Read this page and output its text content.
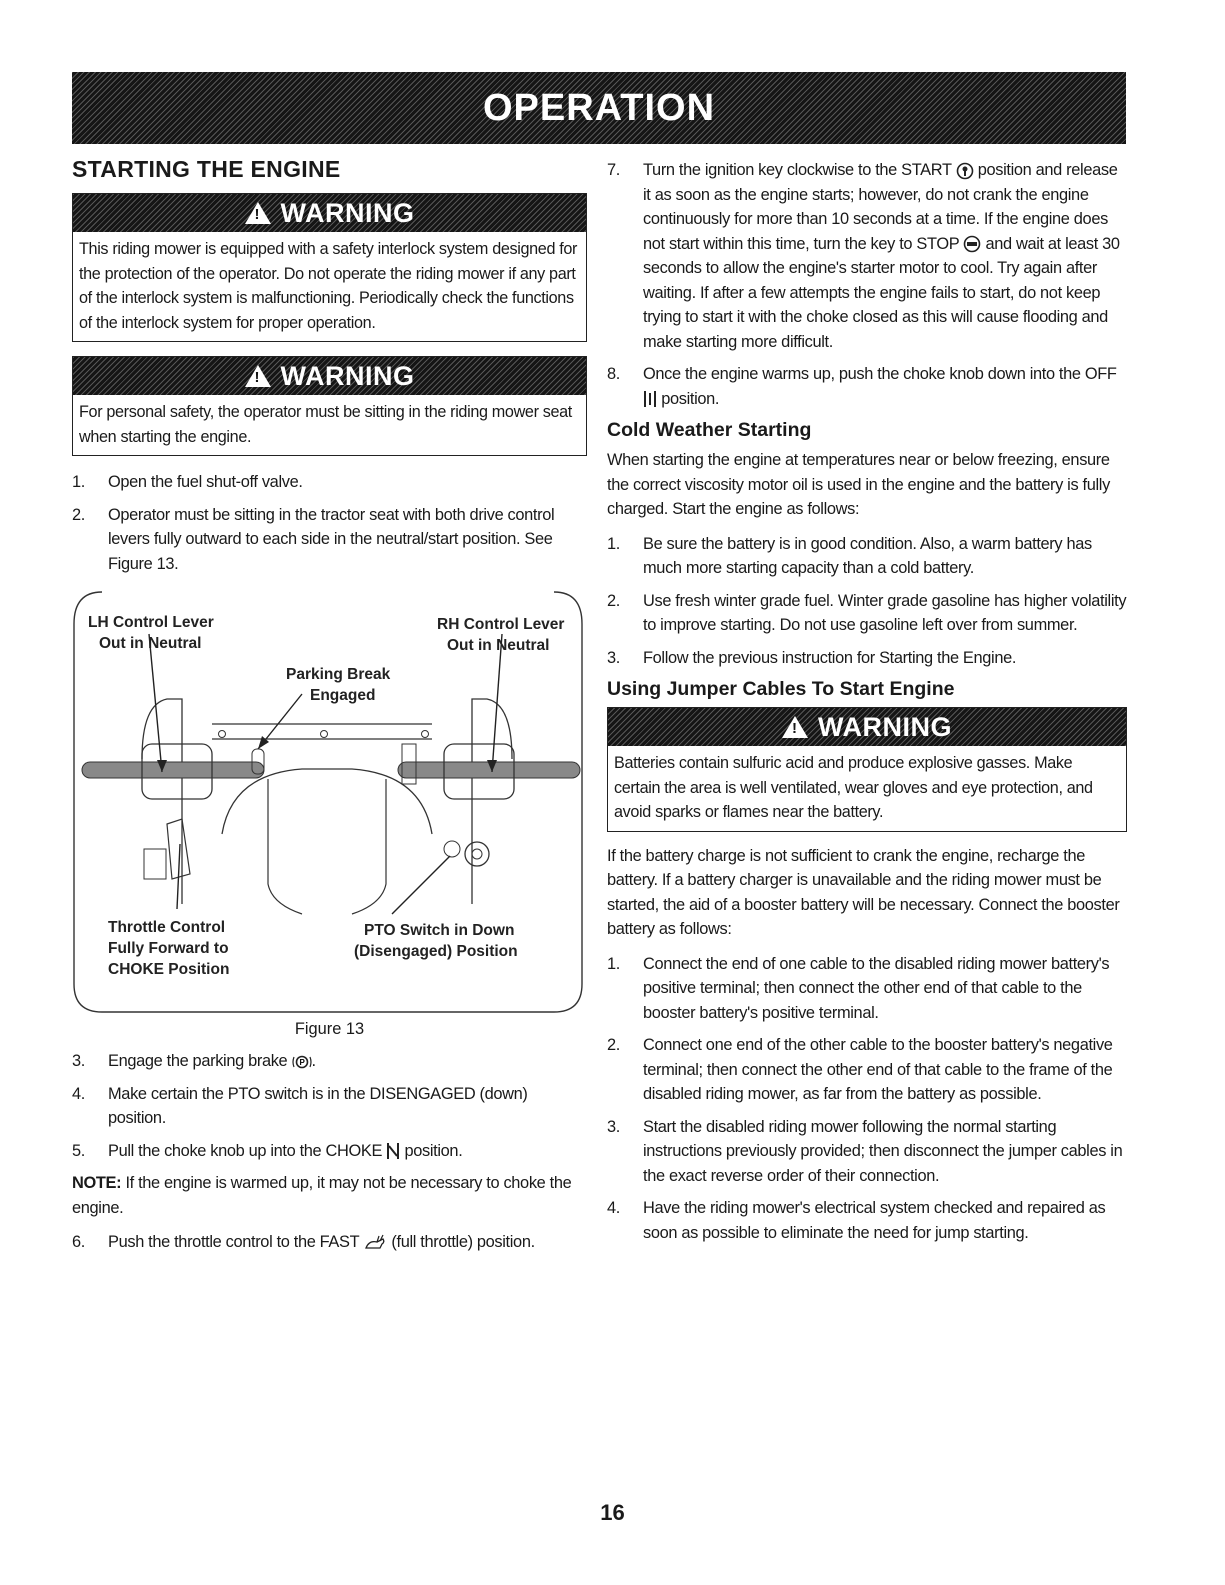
OPERATION
STARTING THE ENGINE
!
WARNING
This riding mower is equipped with a safety interlock system designed for the protection of the operator. Do not operate the riding mower if any part of the interlock system is malfunctioning. Periodically check the functions of the interlock system for proper operation.
!
WARNING
For personal safety, the operator must be sitting in the riding mower seat when starting the engine.
1. Open the fuel shut-off valve.
2. Operator must be sitting in the tractor seat with both drive control levers fully outward to each side in the neutral/start position. See Figure 13.
LH Control Lever
Out in Neutral
RH Control Lever
Out in Neutral
Parking Break
Engaged
Throttle Control
Fully Forward to
CHOKE Position
PTO Switch in Down
(Disengaged) Position
Figure 13
3. Engage the parking brake P .
4. Make certain the PTO switch is in the DISENGAGED (down) position.
5. Pull the choke knob up into the CHOKE position.

NOTE: If the engine is warmed up, it may not be necessary to choke the engine.

6. Push the throttle control to the FAST (full throttle) position.
7. Turn the ignition key clockwise to the START position and release it as soon as the engine starts; however, do not crank the engine continuously for more than 10 seconds at a time. If the engine does not start within this time, turn the key to STOP and wait at least 30 seconds to allow the engine's starter motor to cool. Try again after waiting. If after a few attempts the engine fails to start, do not keep trying to start it with the choke closed as this will cause flooding and make starting more difficult.
8. Once the engine warms up, push the choke knob down into the OFF  position.
Cold Weather Starting

When starting the engine at temperatures near or below freezing, ensure the correct viscosity motor oil is used in the engine and the battery is fully charged. Start the engine as follows:

1. Be sure the battery is in good condition. Also, a warm battery has much more starting capacity than a cold battery.
2. Use fresh winter grade fuel. Winter grade gasoline has higher volatility to improve starting. Do not use gasoline left over from summer.
3. Follow the previous instruction for Starting the Engine.
Using Jumper Cables To Start Engine
!
WARNING
Batteries contain sulfuric acid and produce explosive gasses. Make certain the area is well ventilated, wear gloves and eye protection, and avoid sparks or flames near the battery.

If the battery charge is not sufficient to crank the engine, recharge the battery. If a battery charger is unavailable and the riding mower must be started, the aid of a booster battery will be necessary. Connect the booster battery as follows:

1. Connect the end of one cable to the disabled riding mower battery's positive terminal; then connect the other end of that cable to the booster battery's positive terminal.
2. Connect one end of the other cable to the booster battery's negative terminal; then connect the other end of that cable to the frame of the disabled riding mower, as far from the battery as possible.
3. Start the disabled riding mower following the normal starting instructions previously provided; then disconnect the jumper cables in the exact reverse order of their connection.
4. Have the riding mower's electrical system checked and repaired as soon as possible to eliminate the need for jump starting.
16
